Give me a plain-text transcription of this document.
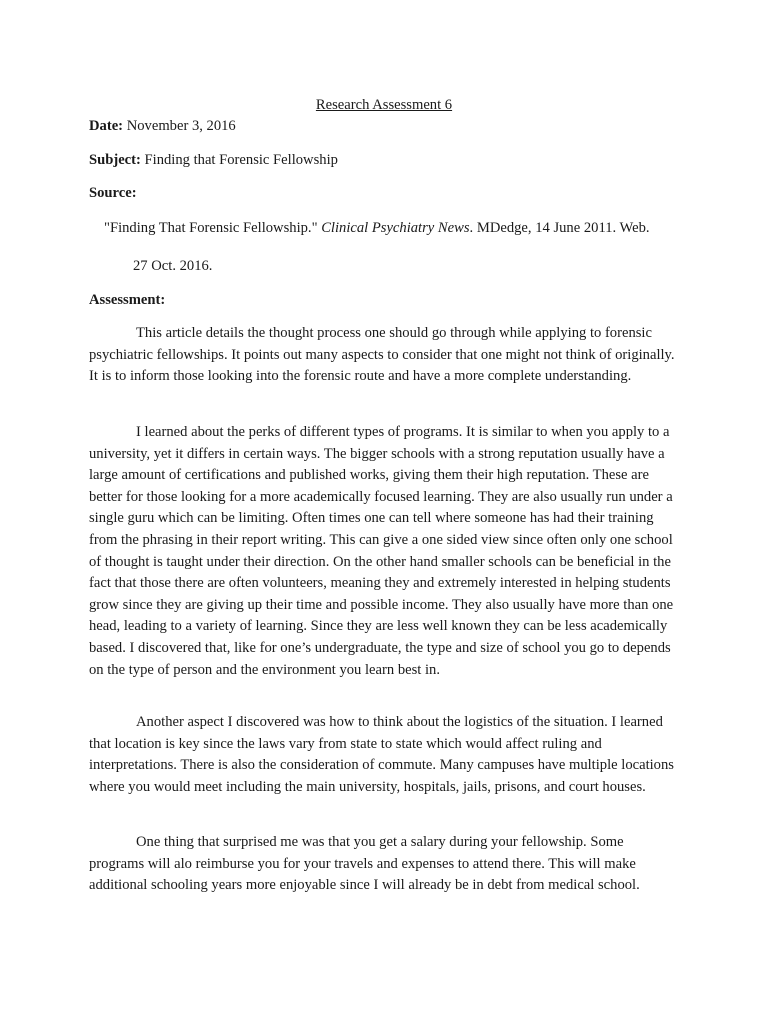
Research Assessment 6
Date: November 3, 2016
Subject: Finding that Forensic Fellowship
Source:
"Finding That Forensic Fellowship." Clinical Psychiatry News. MDedge, 14 June 2011. Web.
27 Oct. 2016.
Assessment:

This article details the thought process one should go through while applying to forensic psychiatric fellowships. It points out many aspects to consider that one might not think of originally. It is to inform those looking into the forensic route and have a more complete understanding.

I learned about the perks of different types of programs. It is similar to when you apply to a university, yet it differs in certain ways. The bigger schools with a strong reputation usually have a large amount of certifications and published works, giving them their high reputation. These are better for those looking for a more academically focused learning. They are also usually run under a single guru which can be limiting. Often times one can tell where someone has had their training from the phrasing in their report writing. This can give a one sided view since often only one school of thought is taught under their direction. On the other hand smaller schools can be beneficial in the fact that those there are often volunteers, meaning they and extremely interested in helping students grow since they are giving up their time and possible income. They also usually have more than one head, leading to a variety of learning. Since they are less well known they can be less academically based. I discovered that, like for one’s undergraduate, the type and size of school you go to depends on the type of person and the environment you learn best in.

Another aspect I discovered was how to think about the logistics of the situation. I learned that location is key since the laws vary from state to state which would affect ruling and interpretations. There is also the consideration of commute. Many campuses have multiple locations where you would meet including the main university, hospitals, jails, prisons, and court houses.

One thing that surprised me was that you get a salary during your fellowship. Some programs will alo reimburse you for your travels and expenses to attend there. This will make additional schooling years more enjoyable since I will already be in debt from medical school.
